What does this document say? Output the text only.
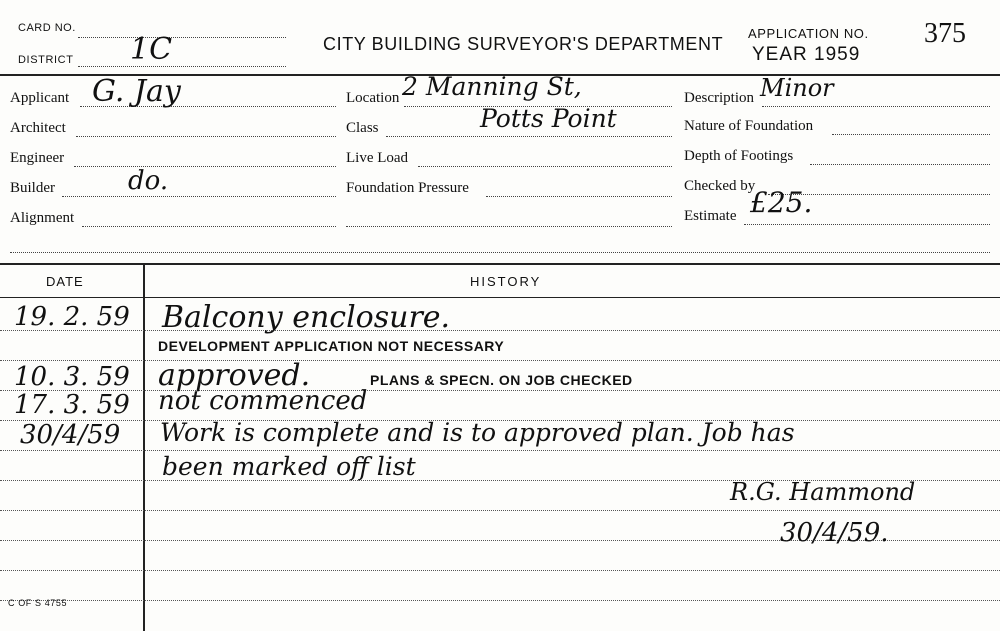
CARD NO.
DISTRICT 1C	CITY BUILDING SURVEYOR'S DEPARTMENT
APPLICATION NO. 375
YEAR 1959
Applicant G. Jay
Architect
Engineer
Builder	do.
Alignment
Location 2 Manning St,
Potts Point
Class
Live Load
Foundation Pressure
Description Minor
Nature of Foundation
Depth of Footings
Checked by
Estimate £25.
DATE	HISTORY
19. 2. 59 Balcony enclosure.
DEVELOPMENT APPLICATION NOT NECESSARY
10. 3. 59 approved.	PLANS & SPECN. ON JOB CHECKED
17. 3. 59 not commenced
30/4/59 Work is complete and is to approved plan. Job has
been marked off list
R.G. Hammond
30/4/59.
C OF S 4755
